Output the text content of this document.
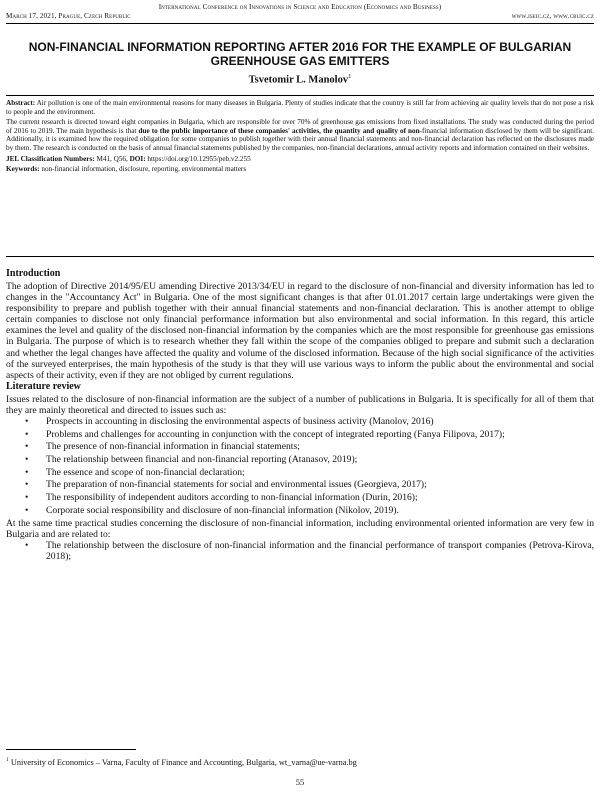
International Conference on Innovations in Science and Education (Economics and Business)
March 17, 2021, Prague, Czech Republic	www.iseic.cz, www.cbuic.cz
NON-FINANCIAL INFORMATION REPORTING AFTER 2016 FOR THE EXAMPLE OF BULGARIAN GREENHOUSE GAS EMITTERS
Tsvetomir L. Manolov$^1$

Abstract: Air pollution is one of the main environmental reasons for many diseases in Bulgaria. Plenty of studies indicate that the country is still far from achieving air quality levels that do not pose a risk to people and the environment.

The current research is directed toward eight companies in Bulgaria, which are responsible for over 70% of greenhouse gas emissions from fixed installations. The study was conducted during the period of 2016 to 2019. The main hypothesis is that due to the public importance of these companies' activities, the quantity and quality of non-financial information disclosed by them will be significant. Additionally, it is examined how the required obligation for some companies to publish together with their annual financial statements and non-financial declaration has reflected on the disclosures made by them. The research is conducted on the basis of annual financial statements published by the companies, non-financial declarations, annual activity reports and information contained on their websites.

JEL Classification Numbers: M41, Q56, DOI: https://doi.org/10.12955/peb.v2.255

Keywords: non-financial information, disclosure, reporting, environmental matters

Introduction

The adoption of Directive 2014/95/EU amending Directive 2013/34/EU in regard to the disclosure of non-financial and diversity information has led to changes in the "Accountancy Act" in Bulgaria. One of the most significant changes is that after 01.01.2017 certain large undertakings were given the responsibility to prepare and publish together with their annual financial statements and non-financial declaration. This is another attempt to oblige certain companies to disclose not only financial performance information but also environmental and social information. In this regard, this article examines the level and quality of the disclosed non-financial information by the companies which are the most responsible for greenhouse gas emissions in Bulgaria. The purpose of which is to research whether they fall within the scope of the companies obliged to prepare and submit such a declaration and whether the legal changes have affected the quality and volume of the disclosed information. Because of the high social significance of the activities of the surveyed enterprises, the main hypothesis of the study is that they will use various ways to inform the public about the environmental and social aspects of their activity, even if they are not obliged by current regulations.

Literature review

Issues related to the disclosure of non-financial information are the subject of a number of publications in Bulgaria. It is specifically for all of them that they are mainly theoretical and directed to issues such as:

• Prospects in accounting in disclosing the environmental aspects of business activity (Manolov, 2016)
• Problems and challenges for accounting in conjunction with the concept of integrated reporting (Fanya Filipova, 2017);
• The presence of non-financial information in financial statements;
• The relationship between financial and non-financial reporting (Atanasov, 2019);
• The essence and scope of non-financial declaration;
• The preparation of non-financial statements for social and environmental issues (Georgieva, 2017);
• The responsibility of independent auditors according to non-financial information (Durin, 2016);
• Corporate social responsibility and disclosure of non-financial information (Nikolov, 2019).

At the same time practical studies concerning the disclosure of non-financial information, including environmental oriented information are very few in Bulgaria and are related to:

• The relationship between the disclosure of non-financial information and the financial performance of transport companies (Petrova-Kirova, 2018);
$^1$ University of Economics – Varna, Faculty of Finance and Accounting, Bulgaria, wt_varna@ue-varna.bg
55
